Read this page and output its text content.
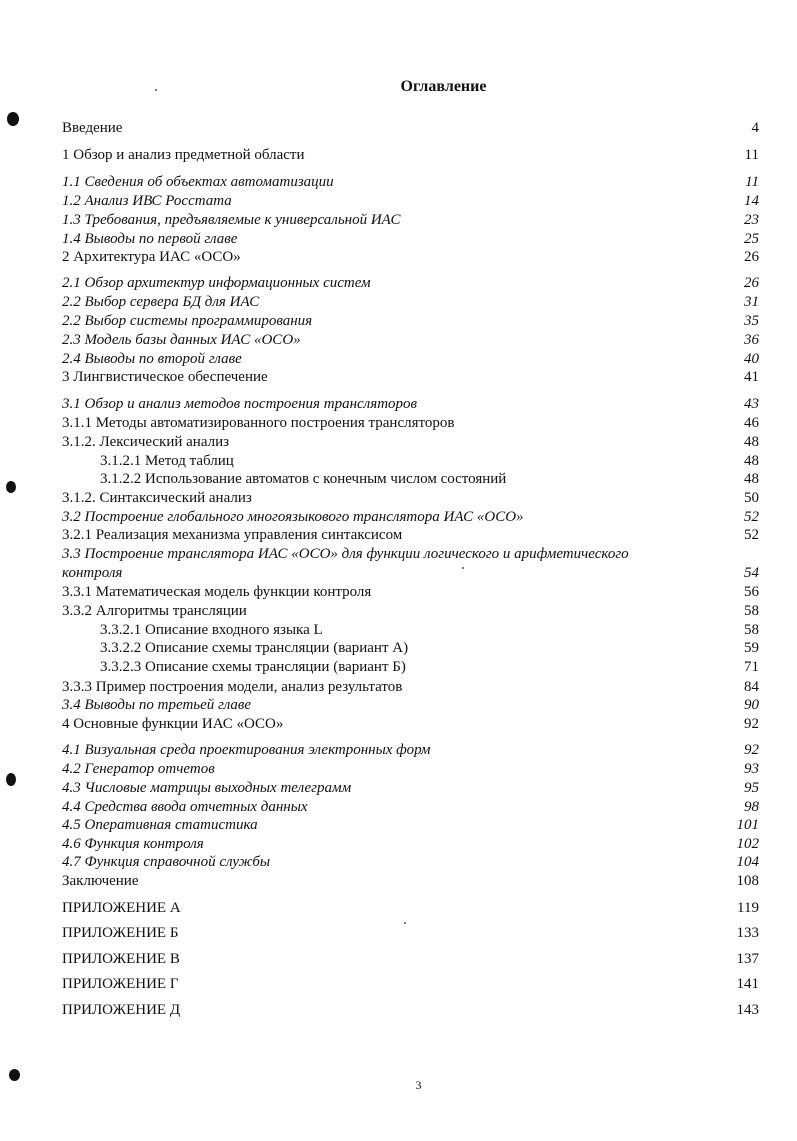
Оглавление
Введение	4
1 Обзор и анализ предметной области	11
1.1 Сведения об объектах автоматизации	11
1.2 Анализ ИВС Росстата	14
1.3 Требования, предъявляемые к универсальной ИАС	23
1.4 Выводы по первой главе	25
2 Архитектура ИАС «ОСО»	26
2.1 Обзор архитектур информационных систем	26
2.2 Выбор сервера БД для ИАС	31
2.2 Выбор системы программирования	35
2.3 Модель базы данных ИАС «ОСО»	36
2.4 Выводы по второй главе	40
3 Лингвистическое обеспечение	41
3.1 Обзор и анализ методов построения трансляторов	43
3.1.1 Методы автоматизированного построения трансляторов	46
3.1.2. Лексический анализ	48
3.1.2.1 Метод таблиц	48
3.1.2.2 Использование автоматов с конечным числом состояний	48
3.1.2. Синтаксический анализ	50
3.2 Построение глобального многоязыкового транслятора ИАС «ОСО»	52
3.2.1 Реализация механизма управления синтаксисом	52
3.3 Построение транслятора ИАС «ОСО» для функции логического и арифметического
контроля	54
3.3.1 Математическая модель функции контроля	56
3.3.2 Алгоритмы трансляции	58
3.3.2.1 Описание входного языка L	58
3.3.2.2 Описание схемы трансляции (вариант А)	59
3.3.2.3 Описание схемы трансляции (вариант Б)	71
3.3.3 Пример построения модели, анализ результатов	84
3.4 Выводы по третьей главе	90
4 Основные функции ИАС «ОСО»	92
4.1 Визуальная среда проектирования электронных форм	92
4.2 Генератор отчетов	93
4.3 Числовые матрицы выходных телеграмм	95
4.4 Средства ввода отчетных данных	98
4.5 Оперативная статистика	101
4.6 Функция контроля	102
4.7 Функция справочной службы	104
Заключение	108
ПРИЛОЖЕНИЕ А	119
ПРИЛОЖЕНИЕ Б	133
ПРИЛОЖЕНИЕ В	137
ПРИЛОЖЕНИЕ Г	141
ПРИЛОЖЕНИЕ Д	143
3
